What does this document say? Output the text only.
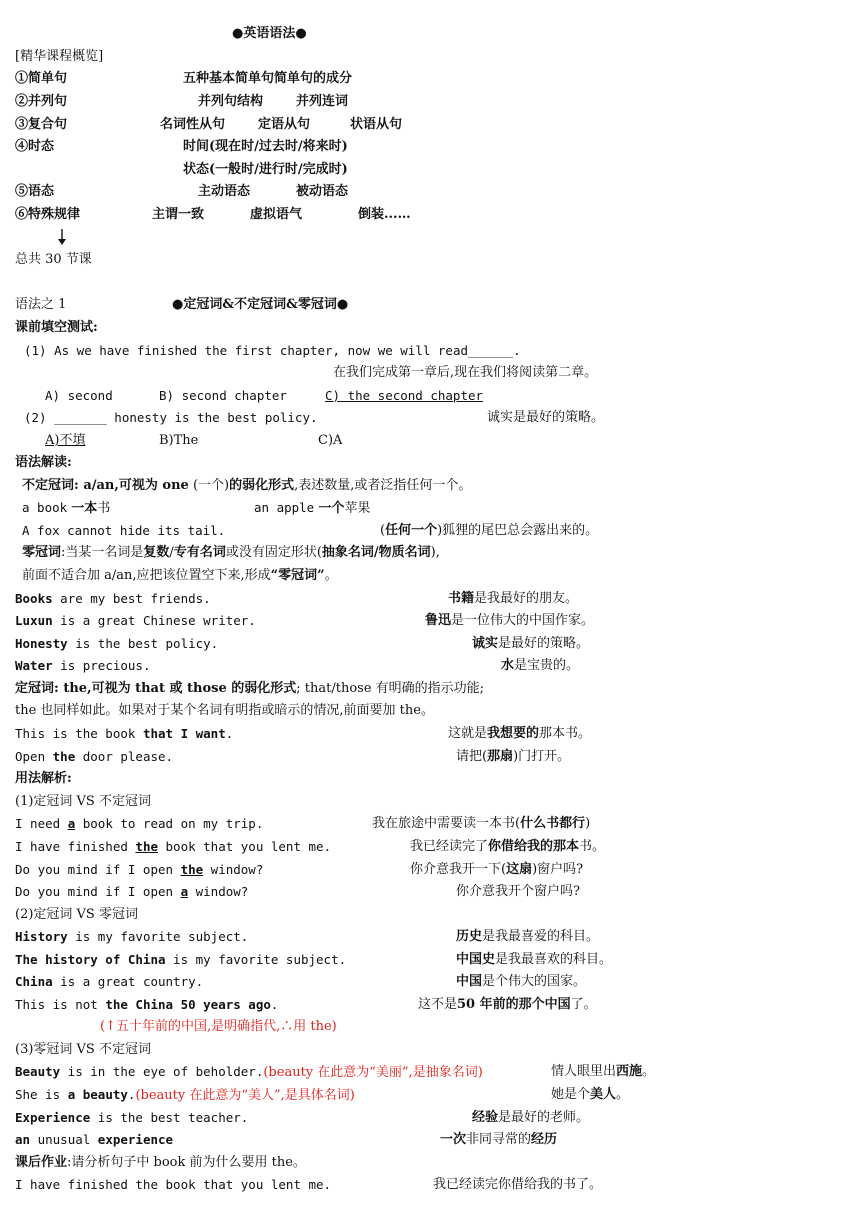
●英语语法●
[精华课程概览]
①简单句	五种基本简单句简单句的成分
②并列句	并列句结构	并列连词
③复合句	名词性从句	定语从句	状语从句
④时态	时间(现在时/过去时/将来时)
状态(一般时/进行时/完成时)
⑤语态	主动语态	被动语态
⑥特殊规律	主谓一致	虚拟语气	倒装...…
总共 30 节课
语法之 1	●定冠词&不定冠词&零冠词●
课前填空测试:
(1) As we have finished the first chapter, now we will read______.
在我们完成第一章后,现在我们将阅读第二章。
A) second	B) second chapter	C) the second chapter
(2) _______ honesty is the best policy.	诚实是最好的策略。
A)不填	B)The	C)A
语法解读:
不定冠词: a/an,可视为 one (一个)的弱化形式,表述数量,或者泛指任何一个。
a book 一本书	an apple 一个苹果
A fox cannot hide its tail.	(任何一个)狐狸的尾巴总会露出来的。
零冠词:当某一名词是复数/专有名词或没有固定形状(抽象名词/物质名词),
前面不适合加 a/an,应把该位置空下来,形成“零冠词”。
Books are my best friends.	书籍是我最好的朋友。
Luxun is a great Chinese writer.	鲁迅是一位伟大的中国作家。
Honesty is the best policy.	诚实是最好的策略。
Water is precious.	水是宝贵的。
定冠词: the,可视为 that 或 those 的弱化形式; that/those 有明确的指示功能;
the 也同样如此。如果对于某个名词有明指或暗示的情况,前面要加 the。
This is the book that I want.	这就是我想要的那本书。
Open the door please.	请把(那扇)门打开。
用法解析:
(1)定冠词 VS 不定冠词
I need a book to read on my trip.	我在旅途中需要读一本书(什么书都行)
I have finished the book that you lent me.	我已经读完了你借给我的那本书。
Do you mind if I open the window?	你介意我开一下(这扇)窗户吗?
Do you mind if I open a window?	你介意我开个窗户吗?
(2)定冠词 VS 零冠词
History is my favorite subject.	历史是我最喜爱的科目。
The history of China is my favorite subject.	中国史是我最喜欢的科目。
China is a great country.	中国是个伟大的国家。
This is not the China 50 years ago.	这不是50 年前的那个中国了。
(↑五十年前的中国,是明确指代,∴用 the)
(3)零冠词 VS 不定冠词
Beauty is in the eye of beholder.(beauty 在此意为“美丽”,是抽象名词)	情人眼里出西施。
She is a beauty.(beauty 在此意为“美人”,是具体名词)	她是个美人。
Experience is the best teacher.	经验是最好的老师。
an unusual experience	一次非同寻常的经历
课后作业:请分析句子中 book 前为什么要用 the。
I have finished the book that you lent me.	我已经读完你借给我的书了。
